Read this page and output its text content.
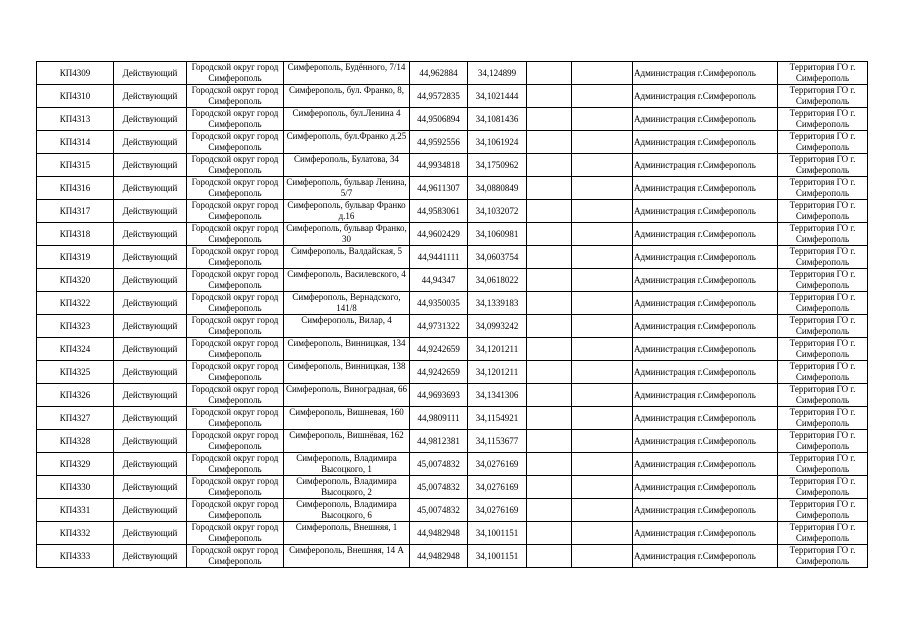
КП4309	Действующий	Городской округ город Симферополь	Симферополь, Будённого, 7/14	44,962884	34,124899			Администрация г.Симферополь	Территория ГО г. Симферополь
КП4310	Действующий	Городской округ город Симферополь	Симферополь, бул. Франко, 8,	44,9572835	34,1021444			Администрация г.Симферополь	Территория ГО г. Симферополь
КП4313	Действующий	Городской округ город Симферополь	Симферополь, бул.Ленина 4	44,9506894	34,1081436			Администрация г.Симферополь	Территория ГО г. Симферополь
КП4314	Действующий	Городской округ город Симферополь	Симферополь, бул.Франко д.25	44,9592556	34,1061924			Администрация г.Симферополь	Территория ГО г. Симферополь
КП4315	Действующий	Городской округ город Симферополь	Симферополь, Булатова, 34	44,9934818	34,1750962			Администрация г.Симферополь	Территория ГО г. Симферополь
КП4316	Действующий	Городской округ город Симферополь	Симферополь, бульвар Ленина, 5/7	44,9611307	34,0880849			Администрация г.Симферополь	Территория ГО г. Симферополь
КП4317	Действующий	Городской округ город Симферополь	Симферополь, бульвар Франко д.16	44,9583061	34,1032072			Администрация г.Симферополь	Территория ГО г. Симферополь
КП4318	Действующий	Городской округ город Симферополь	Симферополь, бульвар Франко, 30	44,9602429	34,1060981			Администрация г.Симферополь	Территория ГО г. Симферополь
КП4319	Действующий	Городской округ город Симферополь	Симферополь, Валдайская, 5	44,9441111	34,0603754			Администрация г.Симферополь	Территория ГО г. Симферополь
КП4320	Действующий	Городской округ город Симферополь	Симферополь, Василевского, 4	44,94347	34,0618022			Администрация г.Симферополь	Территория ГО г. Симферополь
КП4322	Действующий	Городской округ город Симферополь	Симферополь, Вернадского, 141/8	44,9350035	34,1339183			Администрация г.Симферополь	Территория ГО г. Симферополь
КП4323	Действующий	Городской округ город Симферополь	Симферополь, Вилар, 4	44,9731322	34,0993242			Администрация г.Симферополь	Территория ГО г. Симферополь
КП4324	Действующий	Городской округ город Симферополь	Симферополь, Винницкая, 134	44,9242659	34,1201211			Администрация г.Симферополь	Территория ГО г. Симферополь
КП4325	Действующий	Городской округ город Симферополь	Симферополь, Винницкая, 138	44,9242659	34,1201211			Администрация г.Симферополь	Территория ГО г. Симферополь
КП4326	Действующий	Городской округ город Симферополь	Симферополь, Виноградная, 66	44,9693693	34,1341306			Администрация г.Симферополь	Территория ГО г. Симферополь
КП4327	Действующий	Городской округ город Симферополь	Симферополь, Вишневая, 160	44,9809111	34,1154921			Администрация г.Симферополь	Территория ГО г. Симферополь
КП4328	Действующий	Городской округ город Симферополь	Симферополь, Вишнёвая, 162	44,9812381	34,1153677			Администрация г.Симферополь	Территория ГО г. Симферополь
КП4329	Действующий	Городской округ город Симферополь	Симферополь, Владимира Высоцкого, 1	45,0074832	34,0276169			Администрация г.Симферополь	Территория ГО г. Симферополь
КП4330	Действующий	Городской округ город Симферополь	Симферополь, Владимира Высоцкого, 2	45,0074832	34,0276169			Администрация г.Симферополь	Территория ГО г. Симферополь
КП4331	Действующий	Городской округ город Симферополь	Симферополь, Владимира Высоцкого, 6	45,0074832	34,0276169			Администрация г.Симферополь	Территория ГО г. Симферополь
КП4332	Действующий	Городской округ город Симферополь	Симферополь, Внешняя, 1	44,9482948	34,1001151			Администрация г.Симферополь	Территория ГО г. Симферополь
КП4333	Действующий	Городской округ город Симферополь	Симферополь, Внешняя, 14 А	44,9482948	34,1001151			Администрация г.Симферополь	Территория ГО г. Симферополь
